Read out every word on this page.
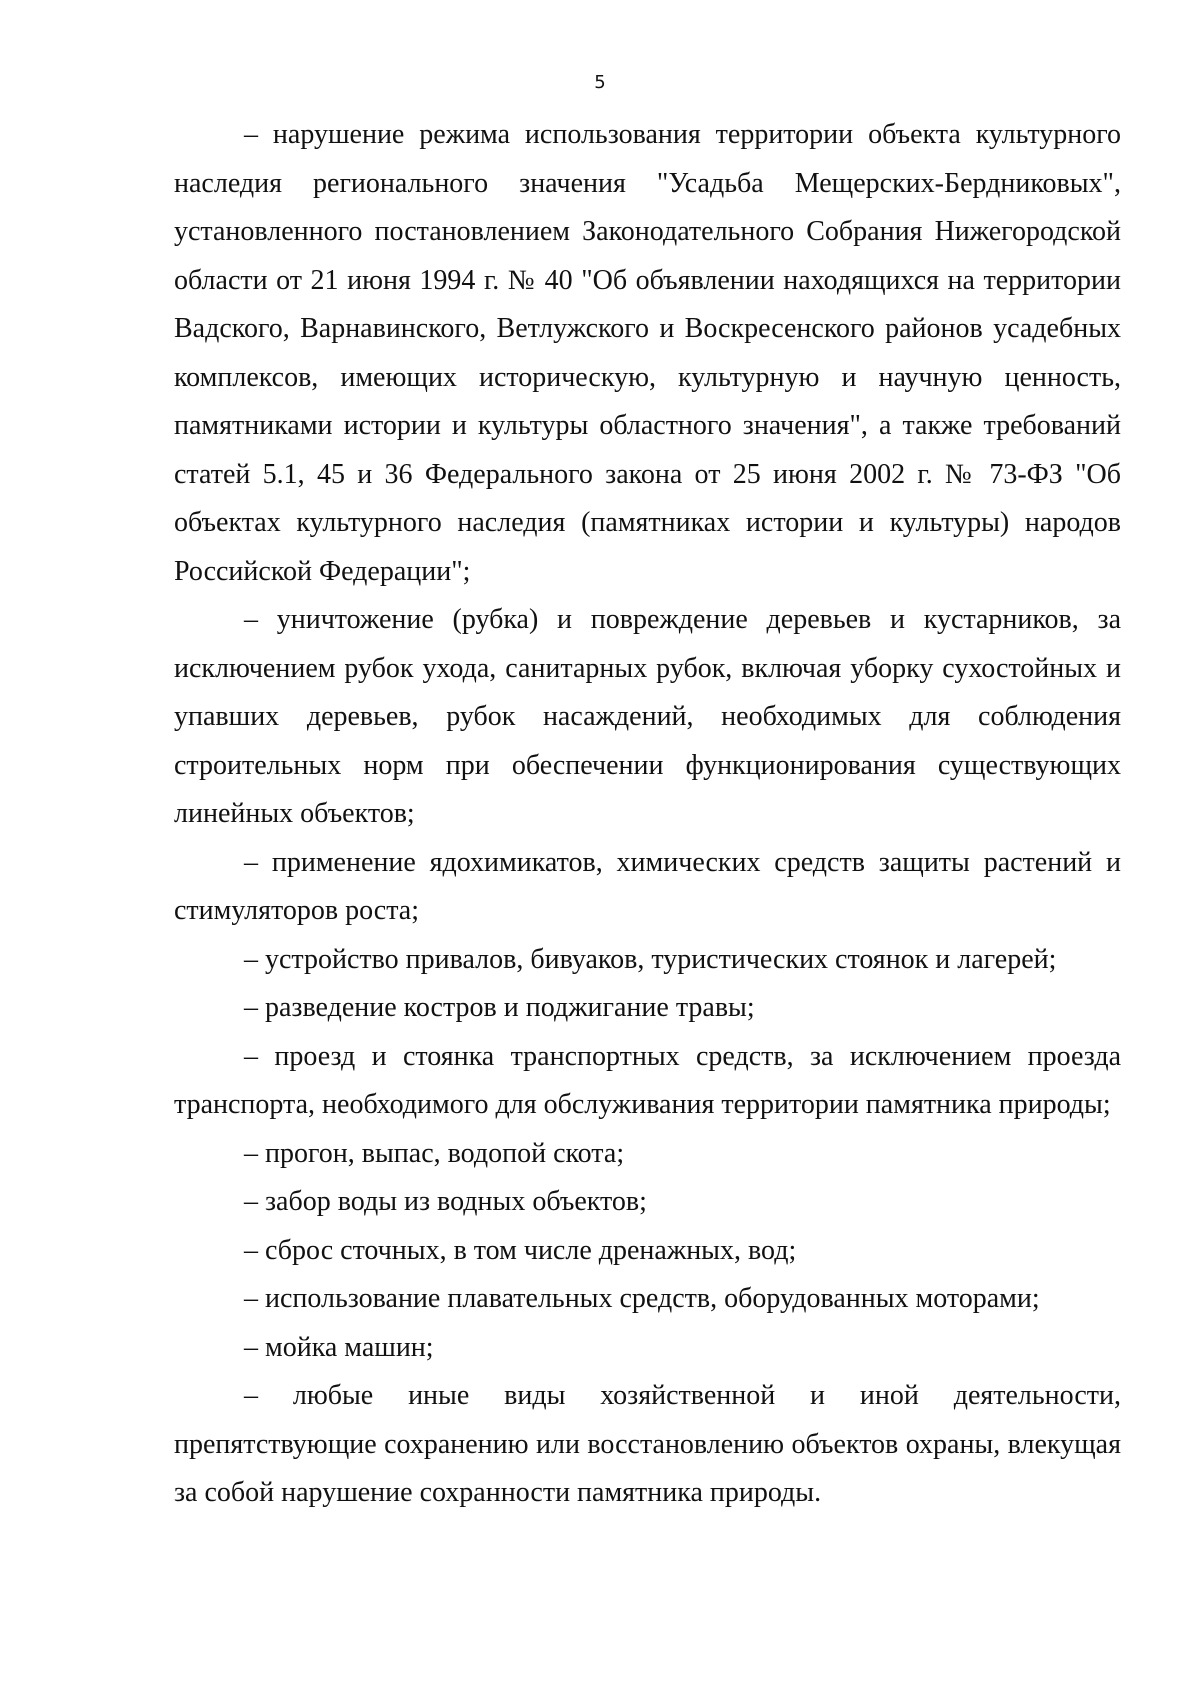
5

– нарушение режима использования территории объекта культурного наследия регионального значения "Усадьба Мещерских-Бердниковых", установленного постановлением Законодательного Собрания Нижегородской области от 21 июня 1994 г. № 40 "Об объявлении находящихся на территории Вадского, Варнавинского, Ветлужского и Воскресенского районов усадебных комплексов, имеющих историческую, культурную и научную ценность, памятниками истории и культуры областного значения", а также требований статей 5.1, 45 и 36 Федерального закона от 25 июня 2002 г. № 73-ФЗ "Об объектах культурного наследия (памятниках истории и культуры) народов Российской Федерации";

– уничтожение (рубка) и повреждение деревьев и кустарников, за исключением рубок ухода, санитарных рубок, включая уборку сухостойных и упавших деревьев, рубок насаждений, необходимых для соблюдения строительных норм при обеспечении функционирования существующих линейных объектов;

– применение ядохимикатов, химических средств защиты растений и стимуляторов роста;

– устройство привалов, бивуаков, туристических стоянок и лагерей;

– разведение костров и поджигание травы;

– проезд и стоянка транспортных средств, за исключением проезда транспорта, необходимого для обслуживания территории памятника природы;

– прогон, выпас, водопой скота;

– забор воды из водных объектов;

– сброс сточных, в том числе дренажных, вод;

– использование плавательных средств, оборудованных моторами;

– мойка машин;

– любые иные виды хозяйственной и иной деятельности, препятствующие сохранению или восстановлению объектов охраны, влекущая за собой нарушение сохранности памятника природы.
